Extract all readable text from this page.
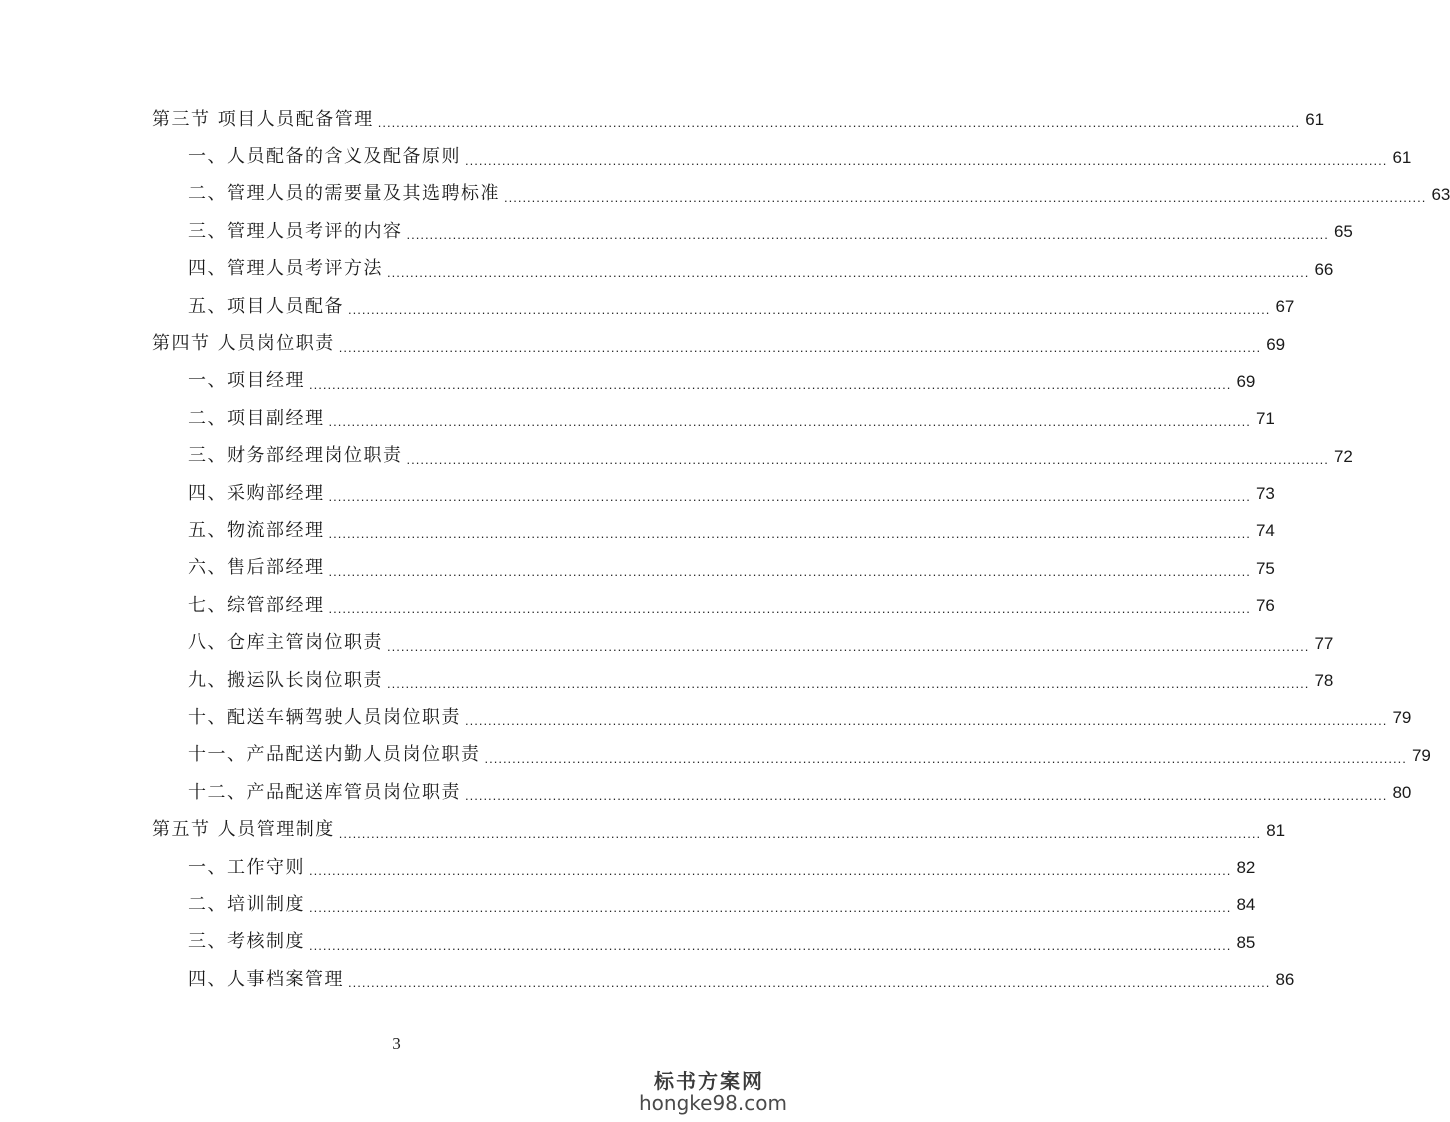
第三节 项目人员配备管理 ........................................................................................................................................................................................................ 61
一、人员配备的含义及配备原则 ........................................................................................................................................................................................................ 61
二、管理人员的需要量及其选聘标准 ........................................................................................................................................................................................................ 63
三、管理人员考评的内容 ........................................................................................................................................................................................................ 65
四、管理人员考评方法 ........................................................................................................................................................................................................ 66
五、项目人员配备 ........................................................................................................................................................................................................ 67
第四节 人员岗位职责 ........................................................................................................................................................................................................ 69
一、项目经理 ........................................................................................................................................................................................................ 69
二、项目副经理 ........................................................................................................................................................................................................ 71
三、财务部经理岗位职责 ........................................................................................................................................................................................................ 72
四、采购部经理 ........................................................................................................................................................................................................ 73
五、物流部经理 ........................................................................................................................................................................................................ 74
六、售后部经理 ........................................................................................................................................................................................................ 75
七、综管部经理 ........................................................................................................................................................................................................ 76
八、仓库主管岗位职责 ........................................................................................................................................................................................................ 77
九、搬运队长岗位职责 ........................................................................................................................................................................................................ 78
十、配送车辆驾驶人员岗位职责 ........................................................................................................................................................................................................ 79
十一、产品配送内勤人员岗位职责 ........................................................................................................................................................................................................ 79
十二、产品配送库管员岗位职责 ........................................................................................................................................................................................................ 80
第五节 人员管理制度 ........................................................................................................................................................................................................ 81
一、工作守则 ........................................................................................................................................................................................................ 82
二、培训制度 ........................................................................................................................................................................................................ 84
三、考核制度 ........................................................................................................................................................................................................ 85
四、人事档案管理 ........................................................................................................................................................................................................ 86
3
标书方案网
hongke98.com
